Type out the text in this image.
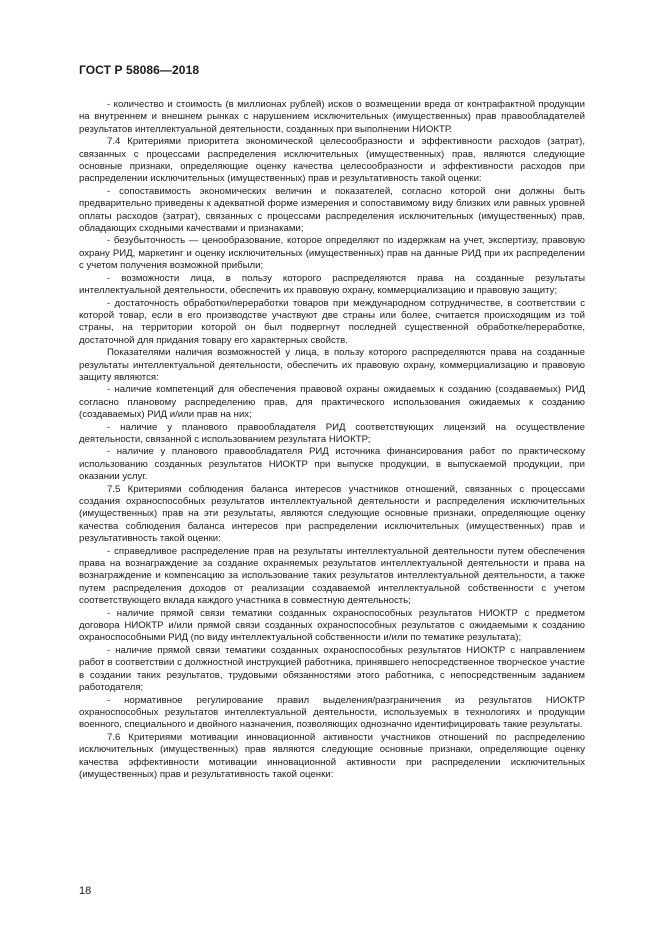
ГОСТ Р 58086—2018

- количество и стоимость (в миллионах рублей) исков о возмещении вреда от контрафактной продукции на внутреннем и внешнем рынках с нарушением исключительных (имущественных) прав правообладателей результатов интеллектуальной деятельности, созданных при выполнении НИОКТР.

7.4 Критериями приоритета экономической целесообразности и эффективности расходов (затрат), связанных с процессами распределения исключительных (имущественных) прав, являются следующие основные признаки, определяющие оценку качества целесообразности и эффективности расходов при распределении исключительных (имущественных) прав и результативность такой оценки:

- сопоставимость экономических величин и показателей, согласно которой они должны быть предварительно приведены к адекватной форме измерения и сопоставимому виду близких или равных уровней оплаты расходов (затрат), связанных с процессами распределения исключительных (имущественных) прав, обладающих сходными качествами и признаками;

- безубыточность — ценообразование, которое определяют по издержкам на учет, экспертизу, правовую охрану РИД, маркетинг и оценку исключительных (имущественных) прав на данные РИД при их распределении с учетом получения возможной прибыли;

- возможности лица, в пользу которого распределяются права на созданные результаты интеллектуальной деятельности, обеспечить их правовую охрану, коммерциализацию и правовую защиту;

- достаточность обработки/переработки товаров при международном сотрудничестве, в соответствии с которой товар, если в его производстве участвуют две страны или более, считается происходящим из той страны, на территории которой он был подвергнут последней существенной обработке/переработке, достаточной для придания товару его характерных свойств.

Показателями наличия возможностей у лица, в пользу которого распределяются права на созданные результаты интеллектуальной деятельности, обеспечить их правовую охрану, коммерциализацию и правовую защиту являются:

- наличие компетенций для обеспечения правовой охраны ожидаемых к созданию (создаваемых) РИД согласно плановому распределению прав, для практического использования ожидаемых к созданию (создаваемых) РИД и/или прав на них;

- наличие у планового правообладателя РИД соответствующих лицензий на осуществление деятельности, связанной с использованием результата НИОКТР;

- наличие у планового правообладателя РИД источника финансирования работ по практическому использованию созданных результатов НИОКТР при выпуске продукции, в выпускаемой продукции, при оказании услуг.

7.5 Критериями соблюдения баланса интересов участников отношений, связанных с процессами создания охраноспособных результатов интеллектуальной деятельности и распределения исключительных (имущественных) прав на эти результаты, являются следующие основные признаки, определяющие оценку качества соблюдения баланса интересов при распределении исключительных (имущественных) прав и результативность такой оценки:

- справедливое распределение прав на результаты интеллектуальной деятельности путем обеспечения права на вознаграждение за создание охраняемых результатов интеллектуальной деятельности и права на вознаграждение и компенсацию за использование таких результатов интеллектуальной деятельности, а также путем распределения доходов от реализации создаваемой интеллектуальной собственности с учетом соответствующего вклада каждого участника в совместную деятельность;

- наличие прямой связи тематики созданных охраноспособных результатов НИОКТР с предметом договора НИОКТР и/или прямой связи созданных охраноспособных результатов с ожидаемыми к созданию охраноспособными РИД (по виду интеллектуальной собственности и/или по тематике результата);

- наличие прямой связи тематики созданных охраноспособных результатов НИОКТР с направлением работ в соответствии с должностной инструкцией работника, принявшего непосредственное творческое участие в создании таких результатов, трудовыми обязанностями этого работника, с непосредственным заданием работодателя;

- нормативное регулирование правил выделения/разграничения из результатов НИОКТР охраноспособных результатов интеллектуальной деятельности, используемых в технологиях и продукции военного, специального и двойного назначения, позволяющих однозначно идентифицировать такие результаты.

7.6 Критериями мотивации инновационной активности участников отношений по распределению исключительных (имущественных) прав являются следующие основные признаки, определяющие оценку качества эффективности мотивации инновационной активности при распределении исключительных (имущественных) прав и результативность такой оценки:

18
